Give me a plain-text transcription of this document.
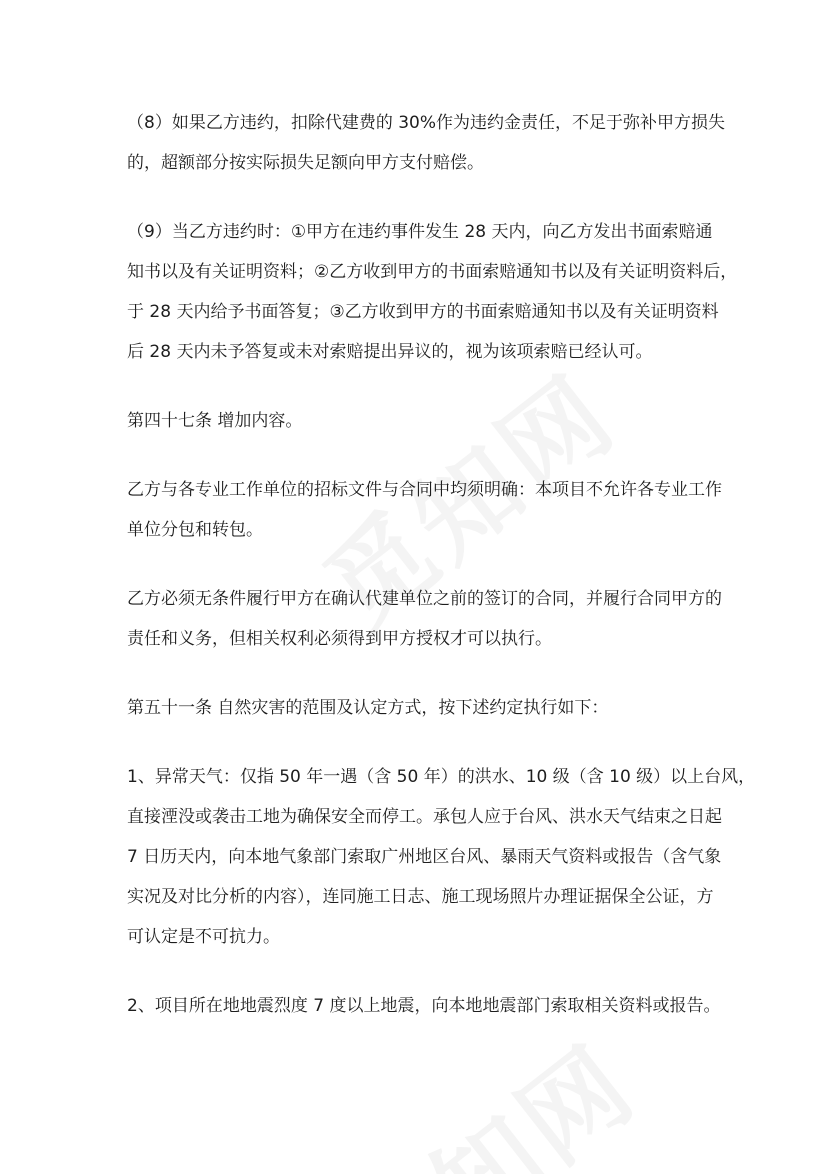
（8）如果乙方违约，扣除代建费的 30%作为违约金责任，不足于弥补甲方损失
的，超额部分按实际损失足额向甲方支付赔偿。

（9）当乙方违约时：①甲方在违约事件发生 28 天内，向乙方发出书面索赔通
知书以及有关证明资料；②乙方收到甲方的书面索赔通知书以及有关证明资料后，
于 28 天内给予书面答复；③乙方收到甲方的书面索赔通知书以及有关证明资料
后 28 天内未予答复或未对索赔提出异议的，视为该项索赔已经认可。

第四十七条 增加内容。

乙方与各专业工作单位的招标文件与合同中均须明确：本项目不允许各专业工作
单位分包和转包。

乙方必须无条件履行甲方在确认代建单位之前的签订的合同，并履行合同甲方的
责任和义务，但相关权利必须得到甲方授权才可以执行。

第五十一条 自然灾害的范围及认定方式，按下述约定执行如下：

1、异常天气：仅指 50 年一遇（含 50 年）的洪水、10 级（含 10 级）以上台风，
直接湮没或袭击工地为确保安全而停工。承包人应于台风、洪水天气结束之日起
7 日历天内，向本地气象部门索取广州地区台风、暴雨天气资料或报告（含气象
实况及对比分析的内容），连同施工日志、施工现场照片办理证据保全公证，方
可认定是不可抗力。

2、项目所在地地震烈度 7 度以上地震，向本地地震部门索取相关资料或报告。
